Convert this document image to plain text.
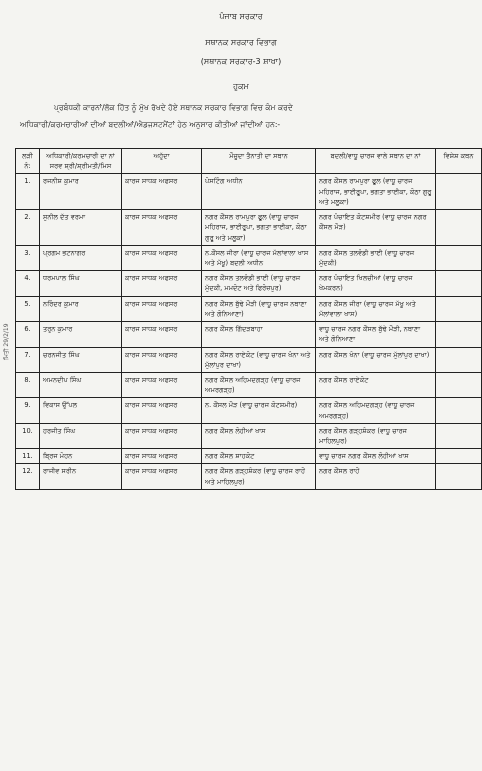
ਪੰਜਾਬ ਸਰਕਾਰ
ਸਥਾਨਕ ਸਰਕਾਰ ਵਿਭਾਗ
(ਸਥਾਨਕ ਸਰਕਾਰ-3 ਸ਼ਾਖਾ)
ਹੁਕਮ
ਪ੍ਰਬੰਧਕੀ ਕਾਰਨਾਂ/ਲੋਕ ਹਿੱਤ ਨੂੰ ਮੁੱਖ ਰੱਖਦੇ ਹੋਏ ਸਥਾਨਕ ਸਰਕਾਰ ਵਿਭਾਗ ਵਿਚ ਕੰਮ ਕਰਦੇ
ਅਧਿਕਾਰੀ/ਕਰਮਚਾਰੀਆਂ ਦੀਆਂ ਬਦਲੀਆਂ/ਐਡਜਸਟਮੈਂਟਾਂ ਹੇਠ ਅਨੁਸਾਰ ਕੀਤੀਆਂ ਜਾਂਦੀਆਂ ਹਨ:-
ਮਿਤੀ 29/2/19
ਲੜੀ ਨੰ:	ਅਧਿਕਾਰੀ/ਕਰਮਚਾਰੀ ਦਾ ਨਾਂ ਸਰਵ ਸ਼੍ਰੀ/ਸ਼੍ਰੀਮਤੀ/ਮਿਸ	ਅਹੁੱਦਾ	ਮੌਜੂਦਾ ਤੈਨਾਤੀ ਦਾ ਸਥਾਨ	ਬਦਲੀ/ਵਾਧੂ ਚਾਰਜ ਵਾਲੇ ਸਥਾਨ ਦਾ ਨਾਂ	ਵਿਸ਼ੇਸ਼ ਕਥਨ
1.	ਰਜਨੀਸ਼ ਕੁਮਾਰ	ਕਾਰਜ ਸਾਧਕ ਅਫਸਰ	ਪੋਸਟਿੰਗ ਅਧੀਨ	ਨਗਰ ਕੌਂਸਲ ਰਾਮਪੁਰਾ ਫੂਲ (ਵਾਧੂ ਚਾਰਜ ਮਹਿਰਾਜ, ਭਾਈਰੂਪਾ, ਭਗਤਾ ਭਾਈਕਾ, ਕੋਠਾ ਗੁਰੂ ਅਤੇ ਮਲੂਕਾ)	
2.	ਸੁਨੀਲ ਦੱਤ ਵਰਮਾ	ਕਾਰਜ ਸਾਧਕ ਅਫਸਰ	ਨਗਰ ਕੌਂਸਲ ਰਾਮਪੁਰਾ ਫੂਲ (ਵਾਧੂ ਚਾਰਜ ਮਹਿਰਾਜ, ਭਾਈਰੂਪਾ, ਭਗਤਾ ਭਾਈਕਾ, ਕੋਠਾ ਗੁਰੂ ਅਤੇ ਮਲੂਕਾ)	ਨਗਰ ਪੰਚਾਇਤ ਕੋਟਸ਼ਮੀਰ (ਵਾਧੂ ਚਾਰਜ ਨਗਰ ਕੌਂਸਲ ਮੌੜ)	
3.	ਪ੍ਰਗਮ ਭਟਨਾਗਰ	ਕਾਰਜ ਸਾਧਕ ਅਫਸਰ	ਨ.ਕੌਂਸਲ ਜੀਰਾ (ਵਾਧੂ ਚਾਰਜ ਮੱਲਾਂਵਾਲਾ ਖਾਸ ਅਤੇ ਮੱਖੂ) ਬਦਲੀ ਅਧੀਨ	ਨਗਰ ਕੌਂਸਲ ਤਲਵੰਡੀ ਭਾਈ (ਵਾਧੂ ਚਾਰਜ ਮੁੱਦਕੀ)	
4.	ਧਰਮਪਾਲ ਸਿੰਘ	ਕਾਰਜ ਸਾਧਕ ਅਫਸਰ	ਨਗਰ ਕੌਂਸਲ ਤਲਵੰਡੀ ਭਾਈ (ਵਾਧੂ ਚਾਰਜ ਮੁੱਦਕੀ, ਮਮਦੋਟ ਅਤੇ ਫਿਰੋਜ਼ਪੁਰ)	ਨਗਰ ਪੰਚਾਇਤ ਖਿਲਚੀਆਂ (ਵਾਧੂ ਚਾਰਜ ਖੇਮਕਰਨ)	
5.	ਨਰਿੰਦਰ ਕੁਮਾਰ	ਕਾਰਜ ਸਾਧਕ ਅਫਸਰ	ਨਗਰ ਕੌਂਸਲ ਬੁੱਢੇ ਮੌੜੀ (ਵਾਧੂ ਚਾਰਜ ਨਥਾਣਾ ਅਤੇ ਗੋਨਿਆਣਾ)	ਨਗਰ ਕੌਂਸਲ ਜੀਰਾ (ਵਾਧੂ ਚਾਰਜ ਮੱਖੂ ਅਤੇ ਮੱਲਾਂਵਾਲਾ ਖਾਸ)	
6.	ਤਰੁਨ ਕੁਮਾਰ	ਕਾਰਜ ਸਾਧਕ ਅਫਸਰ	ਨਗਰ ਕੌਂਸਲ ਗਿੱਦੜਬਾਹਾ	ਵਾਧੂ ਚਾਰਜ ਨਗਰ ਕੌਂਸਲ ਬੁੱਢੇ ਮੌੜੀ, ਨਥਾਣਾ ਅਤੇ ਗੋਨਿਆਣਾ	
7.	ਚਰਨਜੀਤ ਸਿੰਘ	ਕਾਰਜ ਸਾਧਕ ਅਫਸਰ	ਨਗਰ ਕੌਂਸਲ ਰਾਏਕੋਟ (ਵਾਧੂ ਚਾਰਜ ਖੰਨਾ ਅਤੇ ਮੁੱਲਾਂਪੁਰ ਦਾਖਾ)	ਨਗਰ ਕੌਂਸਲ ਖੰਨਾ (ਵਾਧੂ ਚਾਰਜ ਮੁੱਲਾਂਪੁਰ ਦਾਖਾ)	
8.	ਅਮਨਦੀਪ ਸਿੰਘ	ਕਾਰਜ ਸਾਧਕ ਅਫਸਰ	ਨਗਰ ਕੌਂਸਲ ਅਹਿਮਦਗੜ੍ਹ (ਵਾਧੂ ਚਾਰਜ ਅਮਰਗੜ੍ਹ)	ਨਗਰ ਕੌਂਸਲ ਰਾਏਕੋਟ	
9.	ਵਿਕਾਸ ਉੱਪਲ	ਕਾਰਜ ਸਾਧਕ ਅਫਸਰ	ਨ. ਕੌਂਸਲ ਮੌੜ (ਵਾਧੂ ਚਾਰਜ ਕੋਟਸ਼ਮੀਰ)	ਨਗਰ ਕੌਂਸਲ ਅਹਿਮਦਗੜ੍ਹ (ਵਾਧੂ ਚਾਰਜ ਅਮਰਗੜ੍ਹ)	
10.	ਹਰਜੀਤ ਸਿੰਘ	ਕਾਰਜ ਸਾਧਕ ਅਫਸਰ	ਨਗਰ ਕੌਂਸਲ ਲੋਹੀਆਂ ਖਾਸ	ਨਗਰ ਕੌਂਸਲ ਗੜ੍ਹਸ਼ੰਕਰ (ਵਾਧੂ ਚਾਰਜ ਮਾਹਿਲਪੁਰ)	
11.	ਬ੍ਰਿਜ ਮੋਹਨ	ਕਾਰਜ ਸਾਧਕ ਅਫਸਰ	ਨਗਰ ਕੌਂਸਲ ਸ਼ਾਹਕੋਟ	ਵਾਧੂ ਚਾਰਜ ਨਗਰ ਕੌਂਸਲ ਲੋਹੀਆਂ ਖਾਸ	
12.	ਰਾਜੀਵ ਸਰੀਨ	ਕਾਰਜ ਸਾਧਕ ਅਫਸਰ	ਨਗਰ ਕੌਂਸਲ ਗੜ੍ਹਸ਼ੰਕਰ (ਵਾਧੂ ਚਾਰਜ ਰਾਹੋਂ ਅਤੇ ਮਾਹਿਲਪੁਰ)	ਨਗਰ ਕੌਂਸਲ ਰਾਹੋਂ	
